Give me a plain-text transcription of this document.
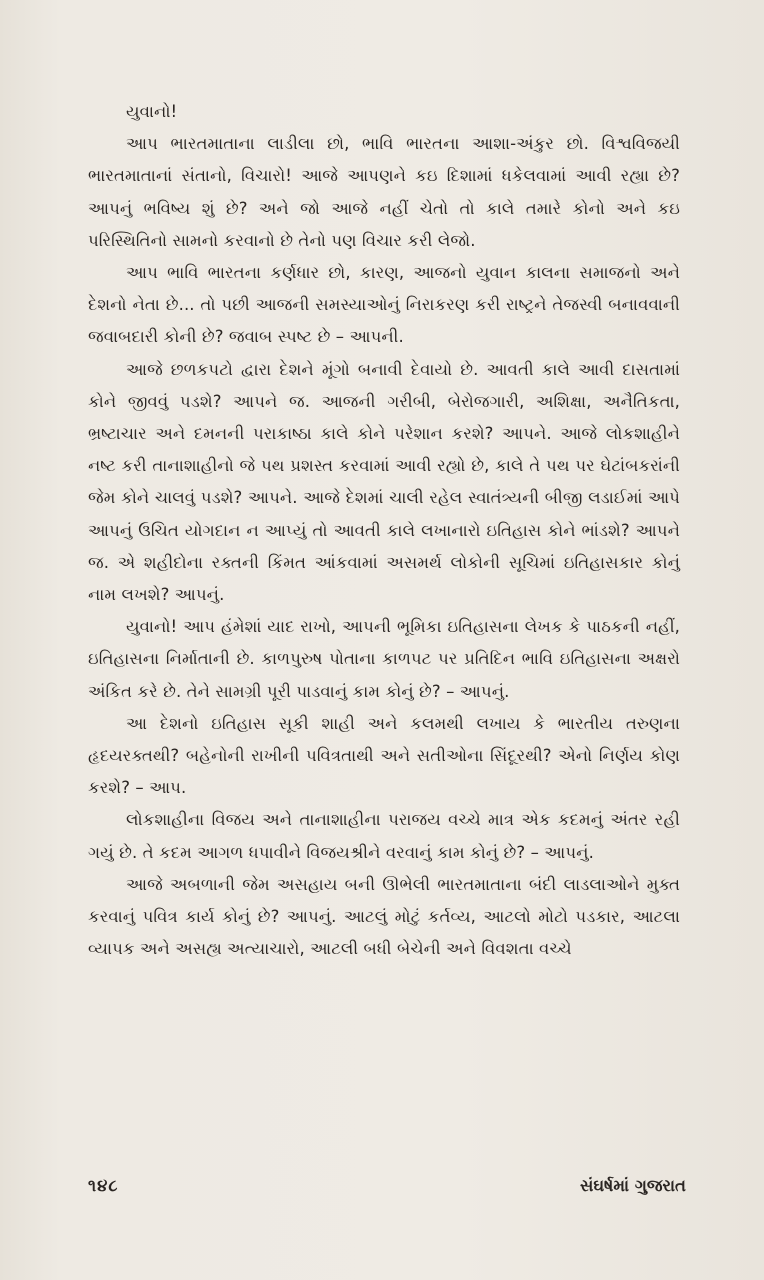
યુવાનો!

આપ ભારતમાતાના લાડીલા છો, ભાવિ ભારતના આશા-અંકુર છો. વિશ્વવિજયી ભારતમાતાનાં સંતાનો, વિચારો! આજે આપણને કઇ દિશામાં ધકેલવામાં આવી રહ્યા છે? આપનું ભવિષ્ય શું છે? અને જો આજે નહીં ચેતો તો કાલે તમારે કોનો અને કઇ પરિસ્થિતિનો સામનો કરવાનો છે તેનો પણ વિચાર કરી લેજો.

આપ ભાવિ ભારતના કર્ણધાર છો, કારણ, આજનો યુવાન કાલના સમાજનો અને દેશનો નેતા છે... તો પછી આજની સમસ્યાઓનું નિરાકરણ કરી રાષ્ટ્રને તેજસ્વી બનાવવાની જવાબદારી કોની છે? જવાબ સ્પષ્ટ છે – આપની.

આજે છળકપટો દ્વારા દેશને મૂંગો બનાવી દેવાયો છે. આવતી કાલે આવી દાસતામાં કોને જીવવું પડશે? આપને જ. આજની ગરીબી, બેરોજગારી, અશિક્ષા, અનૈતિકતા, ભ્રષ્ટાચાર અને દમનની પરાકાષ્ઠા કાલે કોને પરેશાન કરશે? આપને. આજે લોકશાહીને નષ્ટ કરી તાનાશાહીનો જે પથ પ્રશસ્ત કરવામાં આવી રહ્યો છે, કાલે તે પથ પર ઘેટાંબકરાંની જેમ કોને ચાલવું પડશે? આપને. આજે દેશમાં ચાલી રહેલ સ્વાતંત્ર્યની બીજી લડાઈમાં આપે આપનું ઉચિત યોગદાન ન આપ્યું તો આવતી કાલે લખાનારો ઇતિહાસ કોને ભાંડશે? આપને જ. એ શહીદોના રક્તની કિંમત આંકવામાં અસમર્થ લોકોની સૂચિમાં ઇતિહાસકાર કોનું નામ લખશે? આપનું.

યુવાનો! આપ હંમેશાં યાદ રાખો, આપની ભૂમિકા ઇતિહાસના લેખક કે પાઠકની નહીં, ઇતિહાસના નિર્માતાની છે. કાળપુરુષ પોતાના કાળપટ પર પ્રતિદિન ભાવિ ઇતિહાસના અક્ષરો અંકિત કરે છે. તેને સામગ્રી પૂરી પાડવાનું કામ કોનું છે? – આપનું.

આ દેશનો ઇતિહાસ સૂકી શાહી અને કલમથી લખાય કે ભારતીય તરુણના હૃદયરક્તથી? બહેનોની રાખીની પવિત્રતાથી અને સતીઓના સિંદૂરથી? એનો નિર્ણય કોણ કરશે? – આપ.

લોકશાહીના વિજય અને તાનાશાહીના પરાજય વચ્ચે માત્ર એક કદમનું અંતર રહી ગયું છે. તે કદમ આગળ ધપાવીને વિજયશ્રીને વરવાનું કામ કોનું છે? – આપનું.

આજે અબળાની જેમ અસહાય બની ઊભેલી ભારતમાતાના બંદી લાડલાઓને મુક્ત કરવાનું પવિત્ર કાર્ય કોનું છે? આપનું. આટલું મોટું કર્તવ્ય, આટલો મોટો પડકાર, આટલા વ્યાપક અને અસહ્ય અત્યાચારો, આટલી બધી બેચેની અને વિવશતા વચ્ચે

૧૪૮	સંઘર્ષમાં ગુજરાત
